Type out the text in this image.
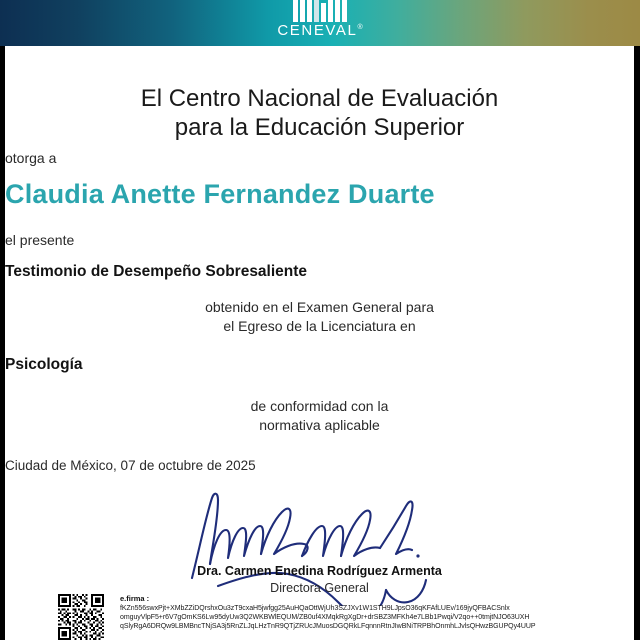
CENEVAL®
El Centro Nacional de Evaluación
para la Educación Superior
otorga a
Claudia Anette Fernandez Duarte
el presente
Testimonio de Desempeño Sobresaliente
obtenido en el Examen General para
el Egreso de la Licenciatura en
Psicología
de conformidad con la
normativa aplicable
Ciudad de México, 07 de octubre de 2025
Dra. Carmen Enedina Rodríguez Armenta
Directora General
e.firma :
fKZn556swxPjt+XMbZZiDQrshxOu3zT9cxaH5jwfgg25AuHQaOttWjUh3SZJXv1W1STH9LJpsO36qKFAfLUEv/169jyQFBACSnlx
omguyVlpF5+r6V7gOmKS6Lw95dyUw3Q2WKBWlEQUM/ZB0uf4XMqkRgXgDr+drSBZ3MFKh4e7LBb1Pwqi/V2qo++0tmjtNJO63UXH
qSlyRgA6DRQw9LBMBncTNjSA3j5RnZLJqLHzTnR9QTjZRUcJMuosDGQRkLFqnnnRtnJIwBNiTRPBhOnmhLJvlsQHwzBGUPQy4UUP
